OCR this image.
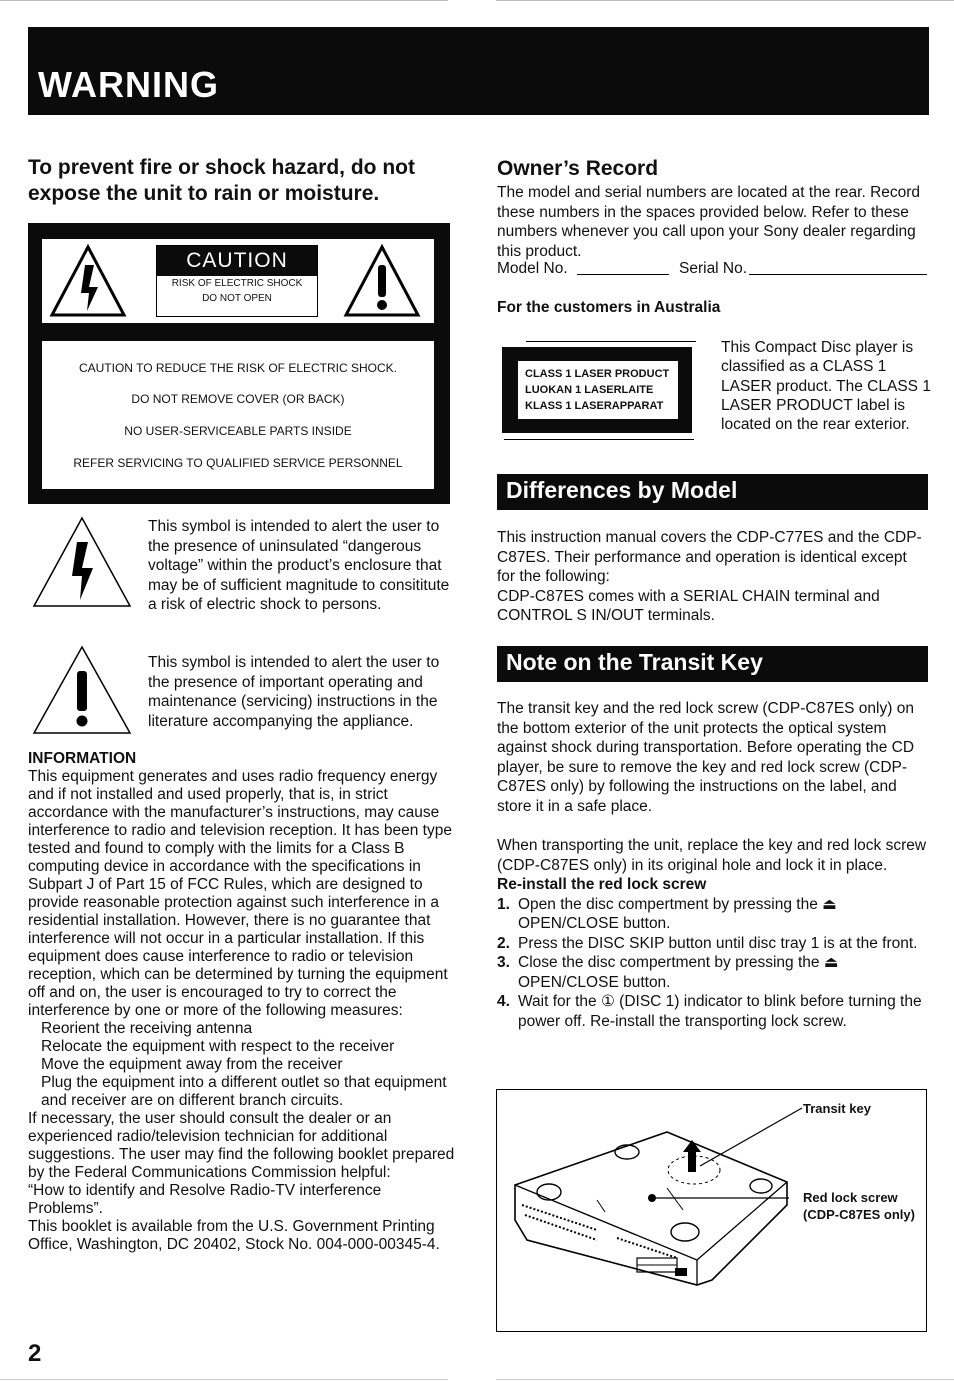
WARNING
To prevent fire or shock hazard, do not expose the unit to rain or moisture.
CAUTION
RISK OF ELECTRIC SHOCK
DO NOT OPEN
CAUTION TO REDUCE THE RISK OF ELECTRIC SHOCK.
DO NOT REMOVE COVER (OR BACK)
NO USER-SERVICEABLE PARTS INSIDE
REFER SERVICING TO QUALIFIED SERVICE PERSONNEL
This symbol is intended to alert the user to the presence of uninsulated “dangerous voltage” within the product’s enclosure that may be of sufficient magnitude to consititute a risk of electric shock to persons.
This symbol is intended to alert the user to the presence of important operating and maintenance (servicing) instructions in the literature accompanying the appliance.
INFORMATION
This equipment generates and uses radio frequency energy and if not installed and used properly, that is, in strict accordance with the manufacturer’s instructions, may cause interference to radio and television reception. It has been type tested and found to comply with the limits for a Class B computing device in accordance with the specifications in Subpart J of Part 15 of FCC Rules, which are designed to provide reasonable protection against such interference in a residential installation. However, there is no guarantee that interference will not occur in a particular installation. If this equipment does cause interference to radio or television reception, which can be determined by turning the equipment off and on, the user is encouraged to try to correct the interference by one or more of the following measures:
Reorient the receiving antenna
Relocate the equipment with respect to the receiver
Move the equipment away from the receiver
Plug the equipment into a different outlet so that equipment and receiver are on different branch circuits.
If necessary, the user should consult the dealer or an experienced radio/television technician for additional suggestions. The user may find the following booklet prepared by the Federal Communications Commission helpful:
“How to identify and Resolve Radio-TV interference Problems”.
This booklet is available from the U.S. Government Printing Office, Washington, DC 20402, Stock No. 004-000-00345-4.
Owner’s Record
The model and serial numbers are located at the rear. Record these numbers in the spaces provided below. Refer to these numbers whenever you call upon your Sony dealer regarding this product.
Model No.	Serial No.
For the customers in Australia
CLASS 1 LASER PRODUCT
LUOKAN 1 LASERLAITE
KLASS 1 LASERAPPARAT
This Compact Disc player is classified as a CLASS 1 LASER product. The CLASS 1 LASER PRODUCT label is located on the rear exterior.
Differences by Model
This instruction manual covers the CDP-C77ES and the CDP-C87ES. Their performance and operation is identical except for the following:
CDP-C87ES comes with a SERIAL CHAIN terminal and CONTROL S IN/OUT terminals.
Note on the Transit Key
The transit key and the red lock screw (CDP-C87ES only) on the bottom exterior of the unit protects the optical system against shock during transportation. Before operating the CD player, be sure to remove the key and red lock screw (CDP-C87ES only) by following the instructions on the label, and store it in a safe place.
When transporting the unit, replace the key and red lock screw (CDP-C87ES only) in its original hole and lock it in place.
Re-install the red lock screw
1. Open the disc compertment by pressing the ⏏ OPEN/CLOSE button.
2. Press the DISC SKIP button until disc tray 1 is at the front.
3. Close the disc compertment by pressing the ⏏ OPEN/CLOSE button.
4. Wait for the ① (DISC 1) indicator to blink before turning the power off. Re-install the transporting lock screw.
Transit key
Red lock screw
(CDP-C87ES only)
2
